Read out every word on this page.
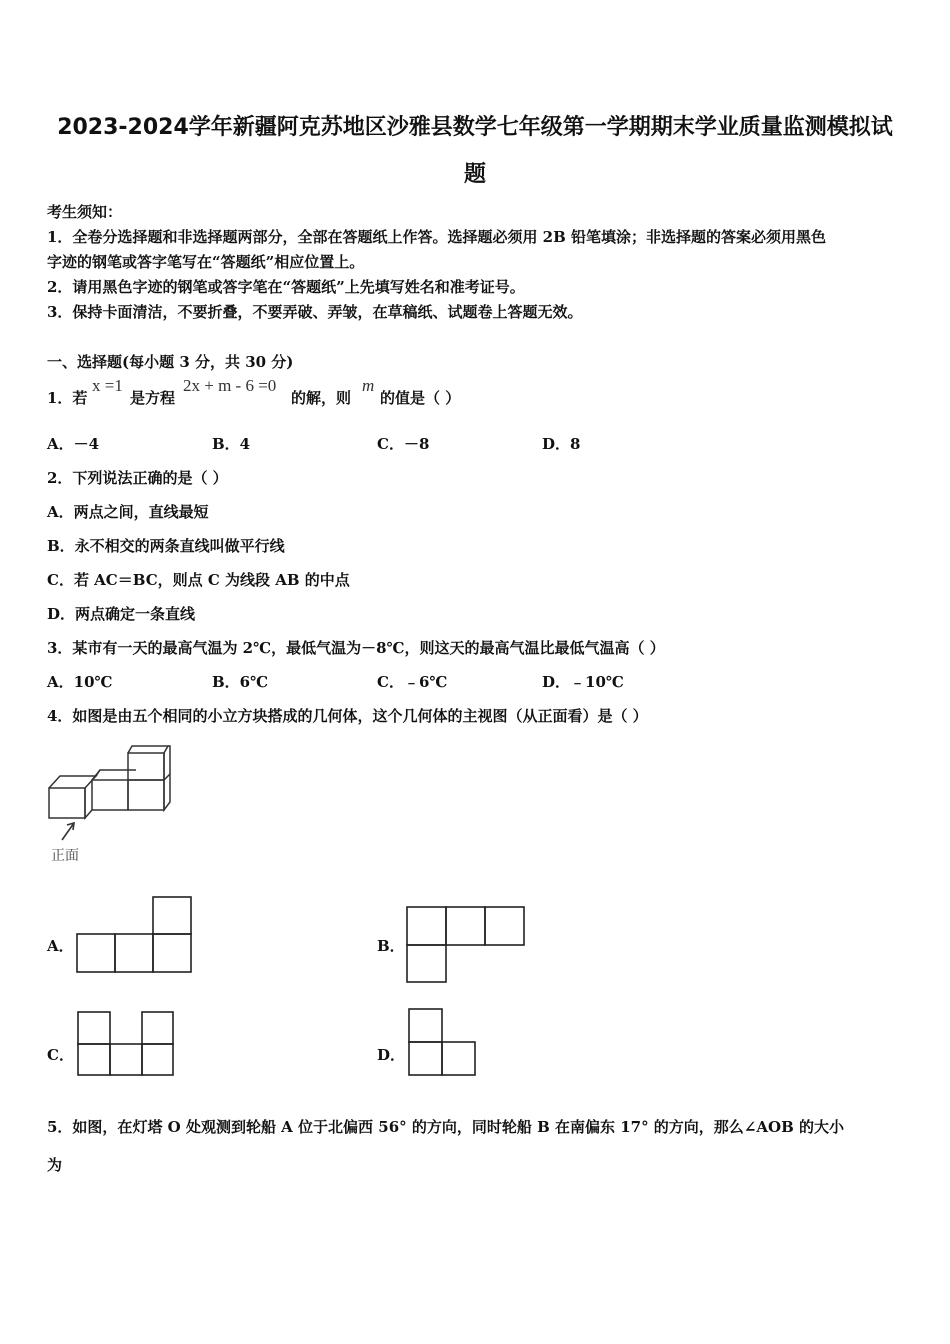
2023-2024学年新疆阿克苏地区沙雅县数学七年级第一学期期末学业质量监测模拟试
题
考生须知：
1．全卷分选择题和非选择题两部分，全部在答题纸上作答。选择题必须用 2B 铅笔填涂；非选择题的答案必须用黑色
字迹的钢笔或答字笔写在“答题纸”相应位置上。
2．请用黑色字迹的钢笔或答字笔在“答题纸”上先填写姓名和准考证号。
3．保持卡面清洁，不要折叠，不要弄破、弄皱，在草稿纸、试题卷上答题无效。
一、选择题(每小题 3 分，共 30 分)
1．若
x =1
是方程
2x + m - 6 =0
的解，则
m
的值是（ ）
A．－4	B．4	C．－8	D．8
2．下列说法正确的是（ ）
A．两点之间，直线最短
B．永不相交的两条直线叫做平行线
C．若 AC＝BC，则点 C 为线段 AB 的中点
D．两点确定一条直线
3．某市有一天的最高气温为 2℃，最低气温为－8℃，则这天的最高气温比最低气温高（ ）
A．10℃	B．6℃	C．﹣6℃	D．﹣10℃
4．如图是由五个相同的小立方块搭成的几何体，这个几何体的主视图（从正面看）是（ ）
正面
A．	B．
C．	D．
5．如图，在灯塔 O 处观测到轮船 A 位于北偏西 56° 的方向，同时轮船 B 在南偏东 17° 的方向，那么∠AOB 的大小
为
